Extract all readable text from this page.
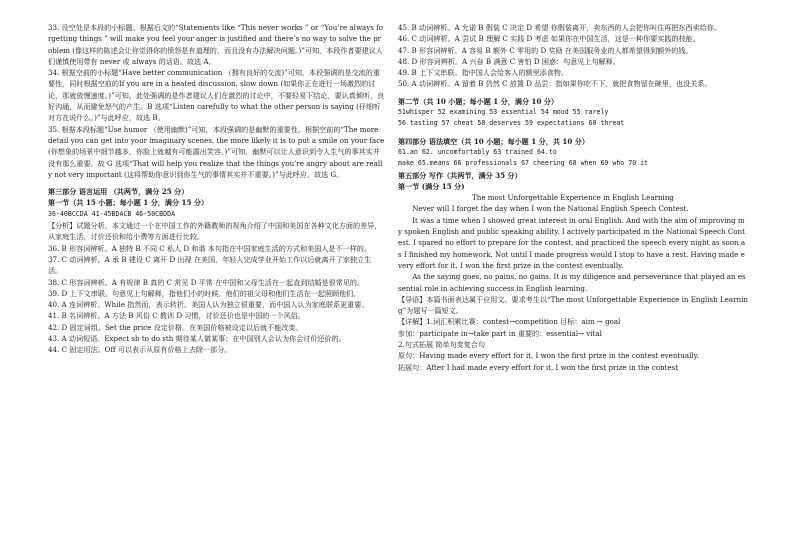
33. 设空处是本段的小标题。根据后文的“Statements like “This never works ” or “You’re always forgetting things ” will make you feel your anger is justified and there’s no way to solve the problem (像这样的陈述会让你觉得你的愤怒是有道理的，而且没有办法解决问题。)”可知，本段作者要建议人们谨慎使用带有 never 或 always 的话语。故选 A。

34. 根据空前的小标题“Have better communication （拥有良好的交流)”可知，本段强调的是交流的重要性，同时根据空前的If you are in a heated discussion, slow down (如果你正在进行一场激烈的讨论，那就放慢速度。)”可知，此处强调的是作者建议人们在激烈的讨论中，不要轻易下结论，要认真倾听，良好沟通，从而避免怒气的产生。B 选项“Listen carefully to what the other person is saying (仔细听对方在说什么。)”与此呼应，故选 B。

35. 根据本段标题“Use humor （使用幽默)”可知，本段强调的是幽默的重要性。根据空前的“The more detail you can get into your imaginary scenes, the more likely it is to put a smile on your face (你想象的场景中细节越多，你脸上就越有可能露出笑容。)”可知，幽默可以让人意识到令人生气的事其实并没有那么重要。故 G 选项“That will help you realize that the things you’re angry about are really not very important (这将帮助你意识到你生气的事情其实并不重要。)”与此呼应，故选 G。

第三部分 语言运用 （共两节，满分 25 分）

第一节（共 15 小题；每小题 1 分，满分 15 分）

36-40BCCDA 41-45BDACB 46-50CBDDA

【分析】试题分析，本文通过一个在中国工作的外籍教师的视角介绍了中国和美国在各种文化方面的差异，从家庭生活，讨价还价和给小费等方面进行比较。

36. B 形容词辨析。A 独特 B 不同 C 私人 D 和谐 本句指在中国家庭生活的方式和美国人是不一样的。

37. C 动词辨析。A 承 B 建设 C 离开 D 出现 在美国，年轻人完成学业开始工作以后就离开了家独立生活。

38. C 形容词辨析。A 有规律 B 真的 C 常见 D 平常 在中国和父母生活在一起直到结婚是很常见的。

39. D 上下文串联。句意见上句解释，指他们小的时候，他们的祖父母和他们生活在一起照顾他们。

40. A 连词辨析。While 指然而，表示转折。美国人认为独立很重要，而中国人认为家庭联系更重要。

41. B 名词辨析。A 方法 B 风俗 C 教训 D 习惯，讨价还价也是中国的一个风俗。

42. D 固定词组。Set the price 设定价格。在美国价格被设定以后就不能改变。

43. A 动词短语。Expect sb to do sth 期待某人做某事；在中国别人会认为你会讨价还价的。

44. C 固定用法。Off 可以表示从原有价格上去除一部分。

45. B 动词辨析。A 允诺 B 假装 C 决定 D 希望 你假装离开，卖东西的人会把你叫住再把东西卖给你。

46. C 动词辨析。A 尝试 B 理解 C 实践 D 考虑 如果你在中国生活，这是一种你要实践的技能。

47. B 形容词辨析。A 容易 B 额外 C 零用的 D 奖励 在美国服务业的人都希望得到额外的钱。

48. D 形容词辨析。A 兴奋 B 满意 C 害怕 D 困惑：句意见上句解释。

49. B 上下文串联。指中国人会给客人的额里添食物。

50. A 动词辨析。A 留着 B 仍然 C 放置 D 品尝：指如果你吃不下，就把食物留在碗里，也没关系。

第二节（共 10 小题；每小题 1 分，满分 10 分）

51whisper 52 examining 53 essential 54 mood 55 rarely

56 tasting 57 cheat 58 deserves 59 expectations 60 threat

第四部分 语法填空（共 10 小题；每小题 1 分，共 10 分）

61.an 62. uncomfortably 63 trained 64.to

make 65.means 66 professionals 67 cheering 68 when 69 who 70 it

第五部分 写作（共两节，满分 35 分）

第一节 (满分 15 分)

The most Unforgettable Experience in English Learning

Never will I forget the day when I won the National English Speech Contest.

It was a time when I showed great interest in oral English. And with the aim of improving my spoken English and public speaking ability, I actively participated in the National Speech Contest. I spared no effort to prepare for the contest, and practiced the speech every night as soon as I finished my homework. Not until I made progress would I stop to have a rest. Having made every effort for it, I won the first prize in the contest eventually.

As the saying goes, no pains, no gains. It is my diligence and perseverance that played an essential role in achieving success in English learning.

【导语】本篇书面表达属于应用文。要求考生以“The most Unforgettable Experience in English Learning”为题写一篇短文。

【详解】1.词汇积累比赛：contest→competition 目标：aim → goal

参加：participate in→take part in 重要的：essential→ vital

2.句式拓展 简单句变复合句

原句：Having made every effort for it, I won the first prize in the contest eventually.

拓展句：After I had made every effort for it, I won the first prize in the contest
